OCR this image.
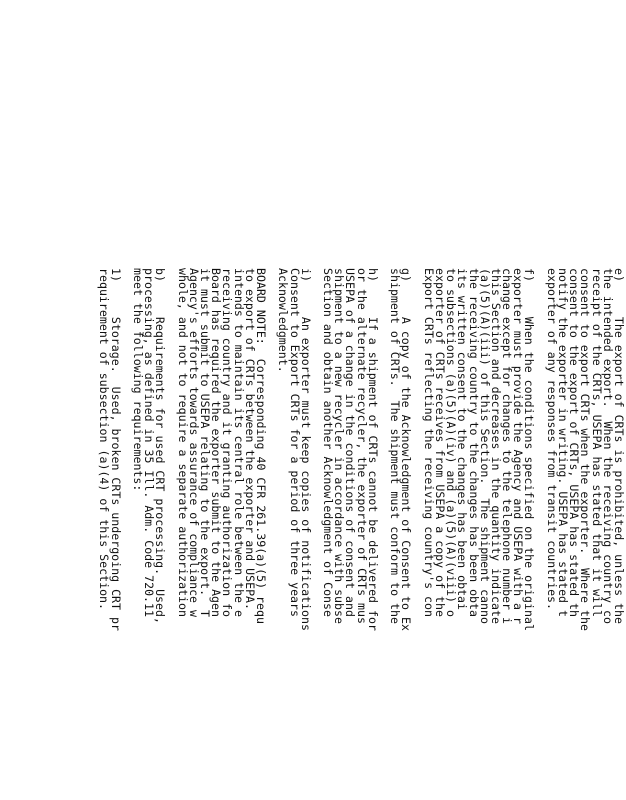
e)     The export of CRTs is prohibited, unless the
the intended export.  When the receiving country co
receipt of the CRTs, USEPA has stated that it will
consent to export CRTs when the exporter.  Where the
consent to the export of CRTs, USEPA has stated th
notify the exporter in writing. USEPA has stated t
exporter of any responses from transit countries.
f)     When the conditions specified on the original
exporter must provide the Agency and USEPA with a r
change except for changes to the telephone number i
this Section and decreases in the quantity indicate
(a)(5)(A)(iii) of this Section.  The shipment canno
the receiving country to the changes has been obta
its written consent to the changes has been obtai
to subsections (a)(5)(A)(iv) and (a)(5)(A)(viii) o
exporter of CRTs receives from USEPA a copy of the
Export CRTs reflecting the receiving country's con
g)     A copy of the Acknowledgment of Consent to Ex
shipment of CRTs.  The shipment must conform to the
h)     If a shipment of CRTs cannot be delivered for
or the alternate recycler, the exporter of CRTs mus
USEPA of a change in the conditions of consent and
shipment to a new recycler in accordance with subse
Section and obtain another Acknowledgment of Conse
i)     An exporter must keep copies of notifications
Consent to Export CRTs for a period of three years
Acknowledgment.
BOARD NOTE:  Corresponding 40 CFR 261.39(a)(5) requ
to export of CRTs between the exporter and USEPA.
intends to maintain its central role between the e
receiving country and it granting authorization fo
Board has required the exporter submit to the Agen
it must submit to USEPA relating to the export.  T
Agency's efforts towards assurance of compliance w
whole, and not to require a separate authorization
b)     Requirements for used CRT processing.  Used,
processing, as defined in 35 Ill. Adm. Code 720.11
meet the following requirements:
1)     Storage.  Used, broken CRTs undergoing CRT pr
requirement of subsection (a)(4) of this Section.
